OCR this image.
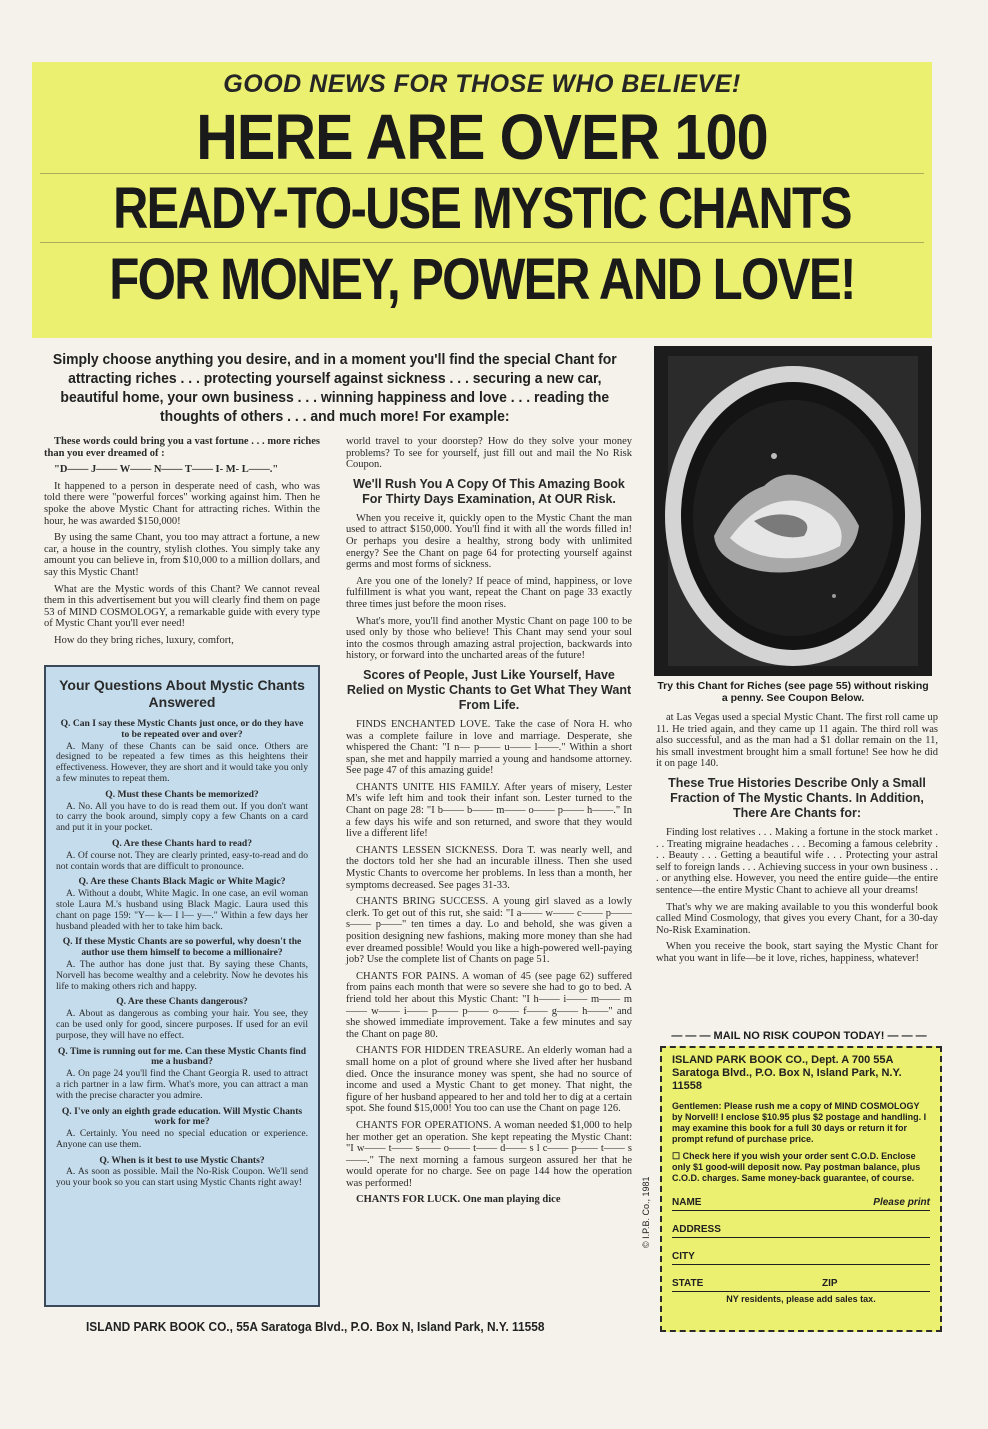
GOOD NEWS FOR THOSE WHO BELIEVE!
HERE ARE OVER 100
READY-TO-USE MYSTIC CHANTS
FOR MONEY, POWER AND LOVE!
Simply choose anything you desire, and in a moment you'll find the special Chant for attracting riches . . . protecting yourself against sickness . . . securing a new car, beautiful home, your own business . . . winning happiness and love . . . reading the thoughts of others . . . and much more! For example:

These words could bring you a vast fortune . . . more riches than you ever dreamed of :

"D—— J—— W—— N—— T—— I- M- L——."

It happened to a person in desperate need of cash, who was told there were "powerful forces" working against him. Then he spoke the above Mystic Chant for attracting riches. Within the hour, he was awarded $150,000!

By using the same Chant, you too may attract a fortune, a new car, a house in the country, stylish clothes. You simply take any amount you can believe in, from $10,000 to a million dollars, and say this Mystic Chant!

What are the Mystic words of this Chant? We cannot reveal them in this advertisement but you will clearly find them on page 53 of MIND COSMOLOGY, a remarkable guide with every type of Mystic Chant you'll ever need!

How do they bring riches, luxury, comfort,

Your Questions About Mystic Chants Answered
Q. Can I say these Mystic Chants just once, or do they have to be repeated over and over?
A. Many of these Chants can be said once. Others are designed to be repeated a few times as this heightens their effectiveness. However, they are short and it would take you only a few minutes to repeat them.
Q. Must these Chants be memorized?
A. No. All you have to do is read them out. If you don't want to carry the book around, simply copy a few Chants on a card and put it in your pocket.
Q. Are these Chants hard to read?
A. Of course not. They are clearly printed, easy-to-read and do not contain words that are difficult to pronounce.
Q. Are these Chants Black Magic or White Magic?
A. Without a doubt, White Magic. In one case, an evil woman stole Laura M.'s husband using Black Magic. Laura used this chant on page 159: "Y— k— I l— y—." Within a few days her husband pleaded with her to take him back.
Q. If these Mystic Chants are so powerful, why doesn't the author use them himself to become a millionaire?
A. The author has done just that. By saying these Chants, Norvell has become wealthy and a celebrity. Now he devotes his life to making others rich and happy.
Q. Are these Chants dangerous?
A. About as dangerous as combing your hair. You see, they can be used only for good, sincere purposes. If used for an evil purpose, they will have no effect.
Q. Time is running out for me. Can these Mystic Chants find me a husband?
A. On page 24 you'll find the Chant Georgia R. used to attract a rich partner in a law firm. What's more, you can attract a man with the precise character you admire.
Q. I've only an eighth grade education. Will Mystic Chants work for me?
A. Certainly. You need no special education or experience. Anyone can use them.
Q. When is it best to use Mystic Chants?
A. As soon as possible. Mail the No-Risk Coupon. We'll send you your book so you can start using Mystic Chants right away!

world travel to your doorstep? How do they solve your money problems? To see for yourself, just fill out and mail the No Risk Coupon.

We'll Rush You A Copy Of This Amazing Book For Thirty Days Examination, At OUR Risk.

When you receive it, quickly open to the Mystic Chant the man used to attract $150,000. You'll find it with all the words filled in! Or perhaps you desire a healthy, strong body with unlimited energy? See the Chant on page 64 for protecting yourself against germs and most forms of sickness.

Are you one of the lonely? If peace of mind, happiness, or love fulfillment is what you want, repeat the Chant on page 33 exactly three times just before the moon rises.

What's more, you'll find another Mystic Chant on page 100 to be used only by those who believe! This Chant may send your soul into the cosmos through amazing astral projection, backwards into history, or forward into the uncharted areas of the future!

Scores of People, Just Like Yourself, Have Relied on Mystic Chants to Get What They Want From Life.

FINDS ENCHANTED LOVE. Take the case of Nora H. who was a complete failure in love and marriage. Desperate, she whispered the Chant: "I n— p—— u—— l——." Within a short span, she met and happily married a young and handsome attorney. See page 47 of this amazing guide!

CHANTS UNITE HIS FAMILY. After years of misery, Lester M's wife left him and took their infant son. Lester turned to the Chant on page 28: "I b—— b—— m—— o—— p—— h——." In a few days his wife and son returned, and swore that they would live a different life!

CHANTS LESSEN SICKNESS. Dora T. was nearly well, and the doctors told her she had an incurable illness. Then she used Mystic Chants to overcome her problems. In less than a month, her symptoms decreased. See pages 31-33.

CHANTS BRING SUCCESS. A young girl slaved as a lowly clerk. To get out of this rut, she said: "I a—— w—— c—— p—— s—— p——" ten times a day. Lo and behold, she was given a position designing new fashions, making more money than she had ever dreamed possible! Would you like a high-powered well-paying job? Use the complete list of Chants on page 51.

CHANTS FOR PAINS. A woman of 45 (see page 62) suffered from pains each month that were so severe she had to go to bed. A friend told her about this Mystic Chant: "I h—— i—— m—— m—— w—— i—— p—— p—— o—— f—— g—— h——" and she showed immediate improvement. Take a few minutes and say the Chant on page 80.

CHANTS FOR HIDDEN TREASURE. An elderly woman had a small home on a plot of ground where she lived after her husband died. Once the insurance money was spent, she had no source of income and used a Mystic Chant to get money. That night, the figure of her husband appeared to her and told her to dig at a certain spot. She found $15,000! You too can use the Chant on page 126.

CHANTS FOR OPERATIONS. A woman needed $1,000 to help her mother get an operation. She kept repeating the Mystic Chant: "I w—— t—— s—— o—— t—— d—— s l c—— p—— t—— s——." The next morning a famous surgeon assured her that he would operate for no charge. See on page 144 how the operation was performed!

CHANTS FOR LUCK. One man playing dice

Try this Chant for Riches (see page 55) without risking a penny. See Coupon Below.

at Las Vegas used a special Mystic Chant. The first roll came up 11. He tried again, and they came up 11 again. The third roll was also successful, and as the man had a $1 dollar remain on the 11, his small investment brought him a small fortune! See how he did it on page 140.

These True Histories Describe Only a Small Fraction of The Mystic Chants. In Addition, There Are Chants for:

Finding lost relatives . . . Making a fortune in the stock market . . . Treating migraine headaches . . . Becoming a famous celebrity . . . Beauty . . . Getting a beautiful wife . . . Protecting your astral self to foreign lands . . . Achieving success in your own business . . . or anything else. However, you need the entire guide—the entire sentence—the entire Mystic Chant to achieve all your dreams!

That's why we are making available to you this wonderful book called Mind Cosmology, that gives you every Chant, for a 30-day No-Risk Examination.

When you receive the book, start saying the Mystic Chant for what you want in life—be it love, riches, happiness, whatever!

— — — MAIL NO RISK COUPON TODAY! — — —
ISLAND PARK BOOK CO., Dept. A 700 55A Saratoga Blvd., P.O. Box N, Island Park, N.Y. 11558

Gentlemen: Please rush me a copy of MIND COSMOLOGY by Norvell! I enclose $10.95 plus $2 postage and handling. I may examine this book for a full 30 days or return it for prompt refund of purchase price.

☐ Check here if you wish your order sent C.O.D. Enclose only $1 good-will deposit now. Pay postman balance, plus C.O.D. charges. Same money-back guarantee, of course.

NAME	Please print
ADDRESS
CITY
STATE	ZIP
NY residents, please add sales tax.
© I.P.B. Co., 1981
ISLAND PARK BOOK CO., 55A Saratoga Blvd., P.O. Box N, Island Park, N.Y. 11558
